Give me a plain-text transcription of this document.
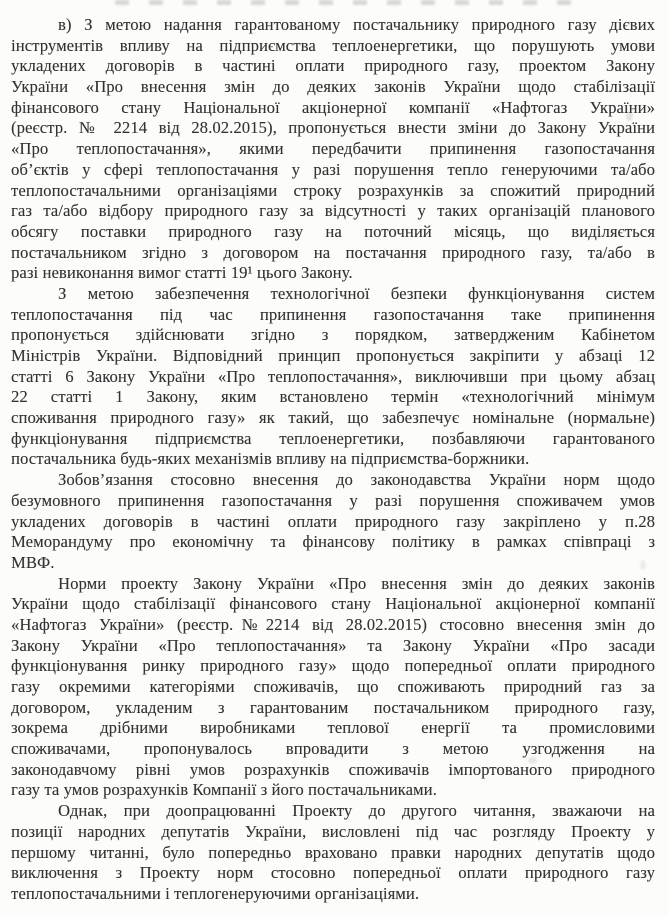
в) З метою надання гарантованому постачальнику природного газу дієвих
інструментів впливу на підприємства теплоенергетики, що порушують умови
укладених договорів в частині оплати природного газу, проектом Закону
України «Про внесення змін до деяких законів України щодо стабілізації
фінансового стану Національної акціонерної компанії «Нафтогаз України»
(реєстр. № 2214 від 28.02.2015), пропонується внести зміни до Закону України
«Про теплопостачання», якими передбачити припинення газопостачання
об’єктів у сфері теплопостачання у разі порушення тепло генеруючими та/або
теплопостачальними організаціями строку розрахунків за спожитий природний
газ та/або відбору природного газу за відсутності у таких організацій планового
обсягу поставки природного газу на поточний місяць, що виділяється
постачальником згідно з договором на постачання природного газу, та/або в
разі невиконання вимог статті 19¹ цього Закону.
З метою забезпечення технологічної безпеки функціонування систем
теплопостачання під час припинення газопостачання таке припинення
пропонується здійснювати згідно з порядком, затвердженим Кабінетом
Міністрів України. Відповідний принцип пропонується закріпити у абзаці 12
статті 6 Закону України «Про теплопостачання», виключивши при цьому абзац
22 статті 1 Закону, яким встановлено термін «технологічний мінімум
споживання природного газу» як такий, що забезпечує номінальне (нормальне)
функціонування підприємства теплоенергетики, позбавляючи гарантованого
постачальника будь-яких механізмів впливу на підприємства-боржники.
Зобов’язання стосовно внесення до законодавства України норм щодо
безумовного припинення газопостачання у разі порушення споживачем умов
укладених договорів в частині оплати природного газу закріплено у п.28
Меморандуму про економічну та фінансову політику в рамках співпраці з
МВФ.
Норми проекту Закону України «Про внесення змін до деяких законів
України щодо стабілізації фінансового стану Національної акціонерної компанії
«Нафтогаз України» (реєстр.№2214 від 28.02.2015) стосовно внесення змін до
Закону України «Про теплопостачання» та Закону України «Про засади
функціонування ринку природного газу» щодо попередньої оплати природного
газу окремими категоріями споживачів, що споживають природний газ за
договором, укладеним з гарантованим постачальником природного газу,
зокрема дрібними виробниками теплової енергії та промисловими
споживачами, пропонувалось впровадити з метою узгодження на
законодавчому рівні умов розрахунків споживачів імпортованого природного
газу та умов розрахунків Компанії з його постачальниками.
Однак, при доопрацюванні Проекту до другого читання, зважаючи на
позиції народних депутатів України, висловлені під час розгляду Проекту у
першому читанні, було попередньо враховано правки народних депутатів щодо
виключення з Проекту норм стосовно попередньої оплати природного газу
теплопостачальними і теплогенеруючими організаціями.
